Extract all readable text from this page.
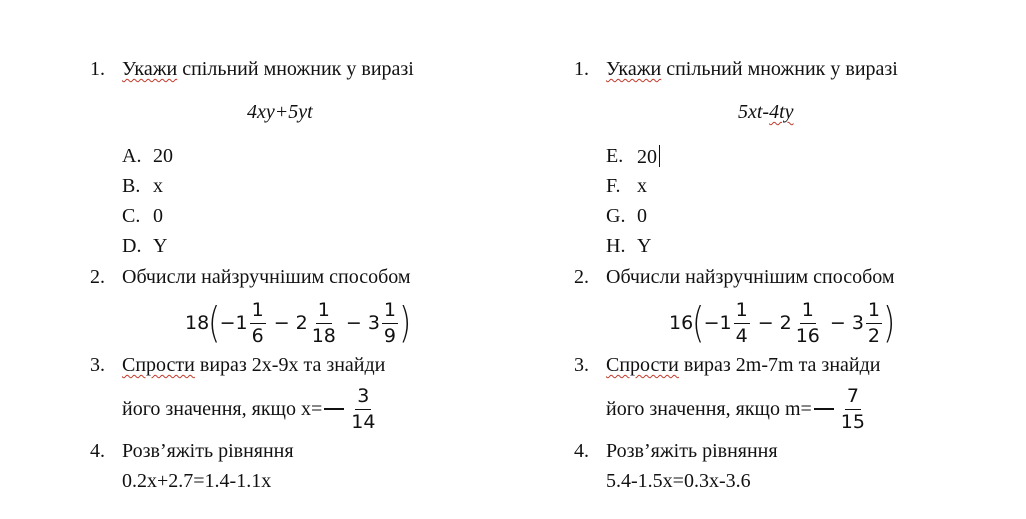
1. Укажи спільний множник у виразі
4xy+5yt
A. 20
B. x
C. 0
D. Y
2. Обчисли найзручнішим способом
18 ( $-1 \frac{1}{6} - 2 \frac{1}{18} - 3 \frac{1}{9}$ )
3. Спрости вираз 2x-9x та знайди
його значення, якщо $x= \frac{3}{14}$
4. Розв’яжіть рівняння
0.2x+2.7=1.4-1.1x
1. Укажи спільний множник у виразі
5xt-4ty
E. 20
F. x
G. 0
H. Y
2. Обчисли найзручнішим способом
16 ( $-1 \frac{1}{4} - 2 \frac{1}{16} - 3 \frac{1}{2}$ )
3. Спрости вираз 2m-7m та знайди
його значення, якщо $m= \frac{7}{15}$
4. Розв’яжіть рівняння
5.4-1.5x=0.3x-3.6
